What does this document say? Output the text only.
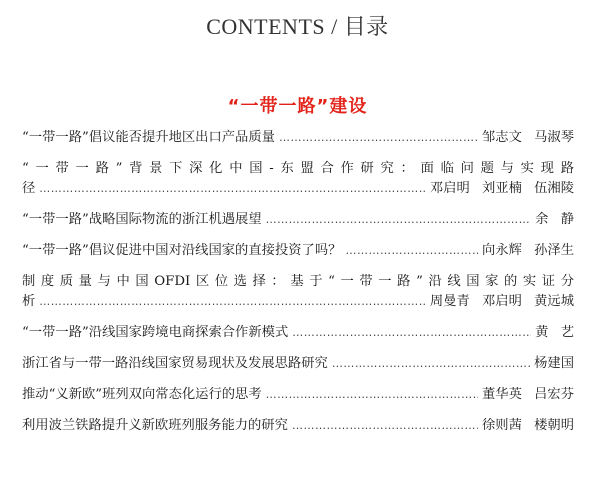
CONTENTS / 目录
“一带一路”建设
“一带一路”倡议能否提升地区出口产品质量 ……………………………………………………………………………………………………………………………………………………………………………………………………	邹志文 马淑琴
“一带一路”背景下深化中国-东盟合作研究：面临问题与实现路
径 ……………………………………………………………………………………………………………………………………………………………………………………………………	邓启明 刘亚楠 伍湘陵
“一带一路”战略国际物流的浙江机遇展望 ……………………………………………………………………………………………………………………………………………………………………………………………………	余 静
“一带一路”倡议促进中国对沿线国家的直接投资了吗？ ……………………………………………………………………………………………………………………………………………………………………………………………………	向永辉 孙泽生
制度质量与中国OFDI区位选择：基于“一带一路”沿线国家的实证分
析 ……………………………………………………………………………………………………………………………………………………………………………………………………	周曼青 邓启明 黄远城
“一带一路”沿线国家跨境电商探索合作新模式 ……………………………………………………………………………………………………………………………………………………………………………………………………	黄 艺
浙江省与一带一路沿线国家贸易现状及发展思路研究 ……………………………………………………………………………………………………………………………………………………………………………………………………	杨建国
推动“义新欧”班列双向常态化运行的思考 ……………………………………………………………………………………………………………………………………………………………………………………………………	董华英 吕宏芬
利用波兰铁路提升义新欧班列服务能力的研究 ……………………………………………………………………………………………………………………………………………………………………………………………………	徐则茜 楼朝明
